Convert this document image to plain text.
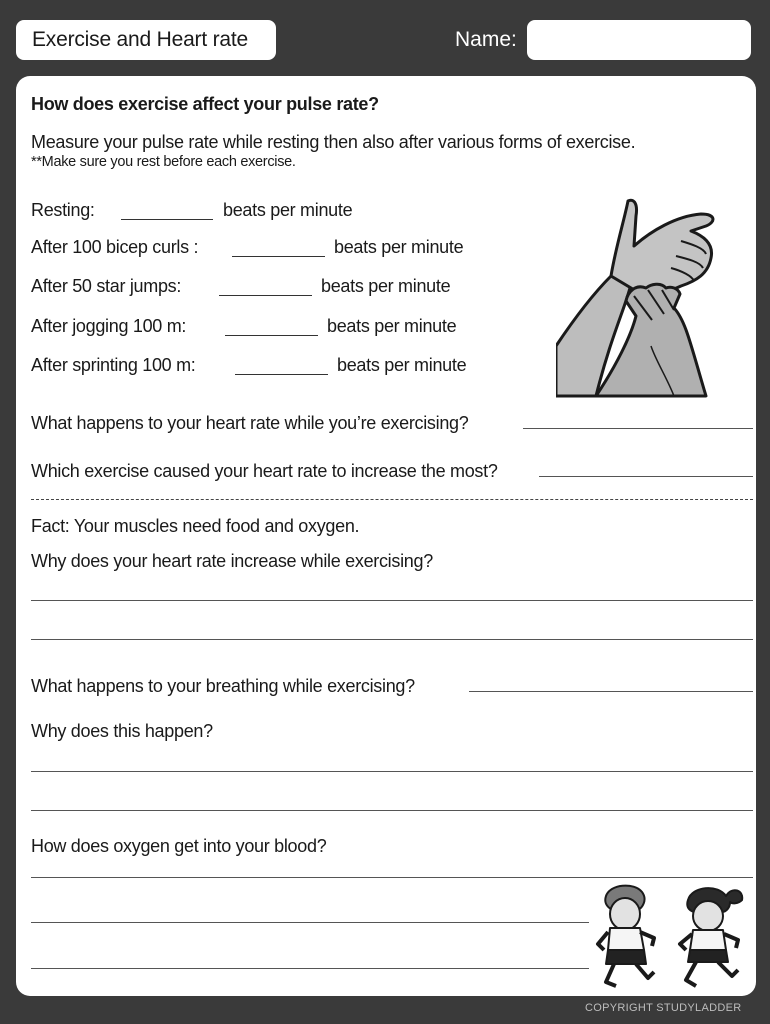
Exercise and Heart rate	Name:
How does exercise affect your pulse rate?
Measure your pulse rate while resting then also after various forms of exercise.
**Make sure you rest before each exercise.
Resting:	beats per minute
After 100 bicep curls :	beats per minute
After 50 star jumps:	beats per minute
After jogging 100 m:	beats per minute
After sprinting 100 m:	beats per minute
What happens to your heart rate while you’re exercising?
Which exercise caused your heart rate to increase the most?
Fact: Your muscles need food and oxygen.
Why does your heart rate increase while exercising?
What happens to your breathing while exercising?
Why does this happen?
How does oxygen get into your blood?
COPYRIGHT STUDYLADDER
